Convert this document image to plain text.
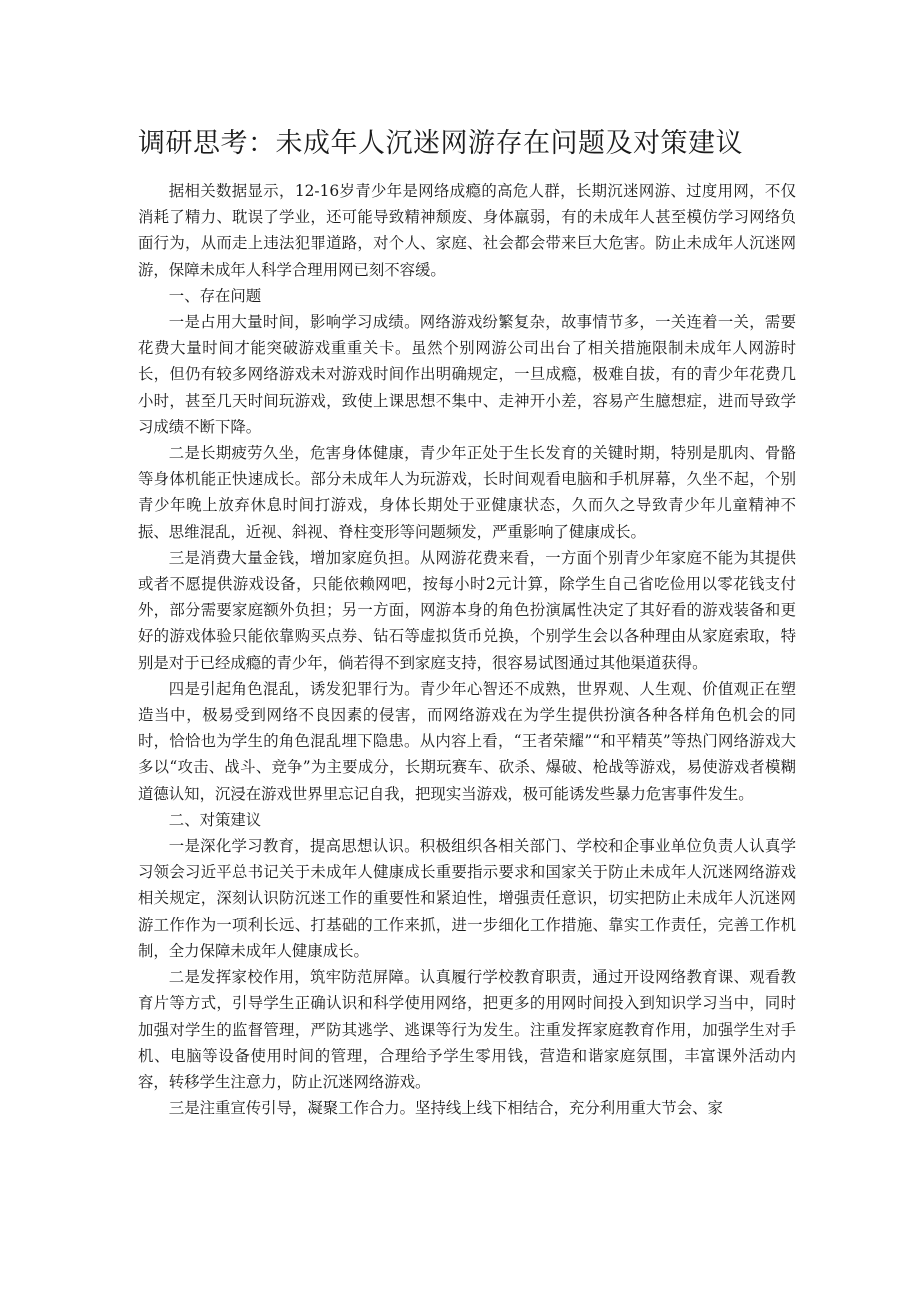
调研思考：未成年人沉迷网游存在问题及对策建议

据相关数据显示，12-16岁青少年是网络成瘾的高危人群，长期沉迷网游、过度用网，不仅消耗了精力、耽误了学业，还可能导致精神颓废、身体羸弱，有的未成年人甚至模仿学习网络负面行为，从而走上违法犯罪道路，对个人、家庭、社会都会带来巨大危害。防止未成年人沉迷网游，保障未成年人科学合理用网已刻不容缓。

一、存在问题

一是占用大量时间，影响学习成绩。网络游戏纷繁复杂，故事情节多，一关连着一关，需要花费大量时间才能突破游戏重重关卡。虽然个别网游公司出台了相关措施限制未成年人网游时长，但仍有较多网络游戏未对游戏时间作出明确规定，一旦成瘾，极难自拔，有的青少年花费几小时，甚至几天时间玩游戏，致使上课思想不集中、走神开小差，容易产生臆想症，进而导致学习成绩不断下降。

二是长期疲劳久坐，危害身体健康，青少年正处于生长发育的关键时期，特别是肌肉、骨骼等身体机能正快速成长。部分未成年人为玩游戏，长时间观看电脑和手机屏幕，久坐不起，个别青少年晚上放弃休息时间打游戏，身体长期处于亚健康状态，久而久之导致青少年儿童精神不振、思维混乱，近视、斜视、脊柱变形等问题频发，严重影响了健康成长。

三是消费大量金钱，增加家庭负担。从网游花费来看，一方面个别青少年家庭不能为其提供或者不愿提供游戏设备，只能依赖网吧，按每小时2元计算，除学生自己省吃俭用以零花钱支付外，部分需要家庭额外负担；另一方面，网游本身的角色扮演属性决定了其好看的游戏装备和更好的游戏体验只能依靠购买点券、钻石等虚拟货币兑换，个别学生会以各种理由从家庭索取，特别是对于已经成瘾的青少年，倘若得不到家庭支持，很容易试图通过其他渠道获得。

四是引起角色混乱，诱发犯罪行为。青少年心智还不成熟，世界观、人生观、价值观正在塑造当中，极易受到网络不良因素的侵害，而网络游戏在为学生提供扮演各种各样角色机会的同时，恰恰也为学生的角色混乱埋下隐患。从内容上看，“王者荣耀”“和平精英”等热门网络游戏大多以“攻击、战斗、竞争”为主要成分，长期玩赛车、砍杀、爆破、枪战等游戏，易使游戏者模糊道德认知，沉浸在游戏世界里忘记自我，把现实当游戏，极可能诱发些暴力危害事件发生。

二、对策建议

一是深化学习教育，提高思想认识。积极组织各相关部门、学校和企事业单位负责人认真学习领会习近平总书记关于未成年人健康成长重要指示要求和国家关于防止未成年人沉迷网络游戏相关规定，深刻认识防沉迷工作的重要性和紧迫性，增强责任意识，切实把防止未成年人沉迷网游工作作为一项利长远、打基础的工作来抓，进一步细化工作措施、靠实工作责任，完善工作机制，全力保障未成年人健康成长。

二是发挥家校作用，筑牢防范屏障。认真履行学校教育职责，通过开设网络教育课、观看教育片等方式，引导学生正确认识和科学使用网络，把更多的用网时间投入到知识学习当中，同时加强对学生的监督管理，严防其逃学、逃课等行为发生。注重发挥家庭教育作用，加强学生对手机、电脑等设备使用时间的管理，合理给予学生零用钱，营造和谐家庭氛围，丰富课外活动内容，转移学生注意力，防止沉迷网络游戏。

三是注重宣传引导，凝聚工作合力。坚持线上线下相结合，充分利用重大节会、家
